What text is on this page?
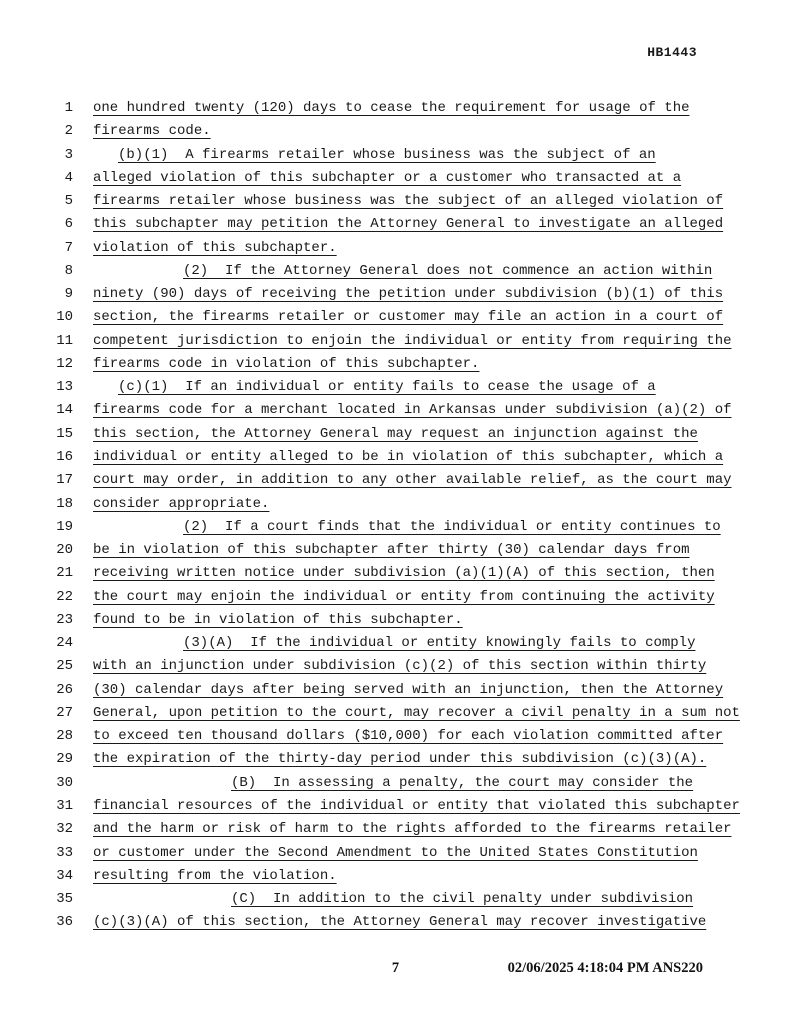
HB1443
1	one hundred twenty (120) days to cease the requirement for usage of the
2	firearms code.
3	(b)(1)  A firearms retailer whose business was the subject of an
4	alleged violation of this subchapter or a customer who transacted at a
5	firearms retailer whose business was the subject of an alleged violation of
6	this subchapter may petition the Attorney General to investigate an alleged
7	violation of this subchapter.
8	(2)  If the Attorney General does not commence an action within
9	ninety (90) days of receiving the petition under subdivision (b)(1) of this
10	section, the firearms retailer or customer may file an action in a court of
11	competent jurisdiction to enjoin the individual or entity from requiring the
12	firearms code in violation of this subchapter.
13	(c)(1)  If an individual or entity fails to cease the usage of a
14	firearms code for a merchant located in Arkansas under subdivision (a)(2) of
15	this section, the Attorney General may request an injunction against the
16	individual or entity alleged to be in violation of this subchapter, which a
17	court may order, in addition to any other available relief, as the court may
18	consider appropriate.
19	(2)  If a court finds that the individual or entity continues to
20	be in violation of this subchapter after thirty (30) calendar days from
21	receiving written notice under subdivision (a)(1)(A) of this section, then
22	the court may enjoin the individual or entity from continuing the activity
23	found to be in violation of this subchapter.
24	(3)(A)  If the individual or entity knowingly fails to comply
25	with an injunction under subdivision (c)(2) of this section within thirty
26	(30) calendar days after being served with an injunction, then the Attorney
27	General, upon petition to the court, may recover a civil penalty in a sum not
28	to exceed ten thousand dollars ($10,000) for each violation committed after
29	the expiration of the thirty-day period under this subdivision (c)(3)(A).
30	(B)  In assessing a penalty, the court may consider the
31	financial resources of the individual or entity that violated this subchapter
32	and the harm or risk of harm to the rights afforded to the firearms retailer
33	or customer under the Second Amendment to the United States Constitution
34	resulting from the violation.
35	(C)  In addition to the civil penalty under subdivision
36	(c)(3)(A) of this section, the Attorney General may recover investigative
7	02/06/2025 4:18:04 PM ANS220
